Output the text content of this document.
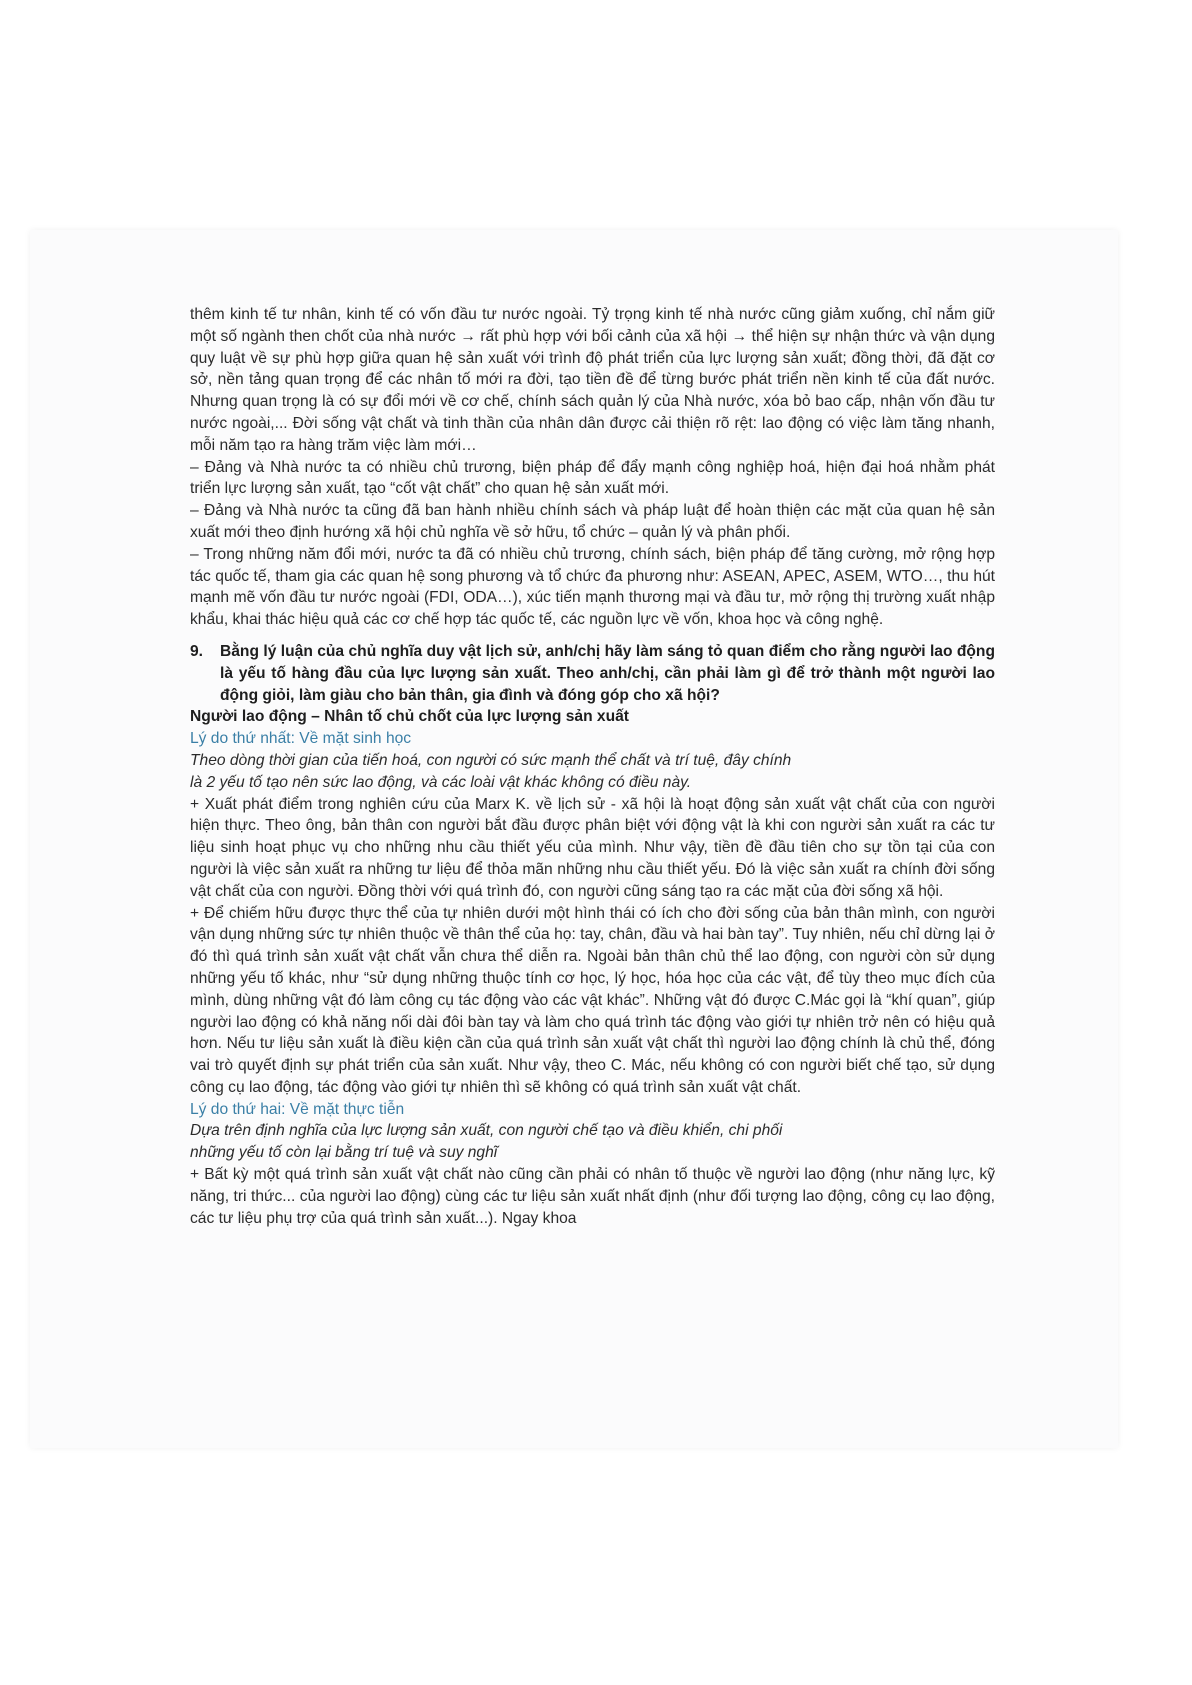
thêm kinh tế tư nhân, kinh tế có vốn đầu tư nước ngoài. Tỷ trọng kinh tế nhà nước cũng giảm xuống, chỉ nắm giữ một số ngành then chốt của nhà nước → rất phù hợp với bối cảnh của xã hội → thể hiện sự nhận thức và vận dụng quy luật về sự phù hợp giữa quan hệ sản xuất với trình độ phát triển của lực lượng sản xuất; đồng thời, đã đặt cơ sở, nền tảng quan trọng để các nhân tố mới ra đời, tạo tiền đề để từng bước phát triển nền kinh tế của đất nước. Nhưng quan trọng là có sự đổi mới về cơ chế, chính sách quản lý của Nhà nước, xóa bỏ bao cấp, nhận vốn đầu tư nước ngoài,... Đời sống vật chất và tinh thần của nhân dân được cải thiện rõ rệt: lao động có việc làm tăng nhanh, mỗi năm tạo ra hàng trăm việc làm mới…

– Đảng và Nhà nước ta có nhiều chủ trương, biện pháp để đẩy mạnh công nghiệp hoá, hiện đại hoá nhằm phát triển lực lượng sản xuất, tạo “cốt vật chất” cho quan hệ sản xuất mới.

– Đảng và Nhà nước ta cũng đã ban hành nhiều chính sách và pháp luật để hoàn thiện các mặt của quan hệ sản xuất mới theo định hướng xã hội chủ nghĩa về sở hữu, tổ chức – quản lý và phân phối.

– Trong những năm đổi mới, nước ta đã có nhiều chủ trương, chính sách, biện pháp để tăng cường, mở rộng hợp tác quốc tế, tham gia các quan hệ song phương và tổ chức đa phương như: ASEAN, APEC, ASEM, WTO…, thu hút mạnh mẽ vốn đầu tư nước ngoài (FDI, ODA…), xúc tiến mạnh thương mại và đầu tư, mở rộng thị trường xuất nhập khẩu, khai thác hiệu quả các cơ chế hợp tác quốc tế, các nguồn lực về vốn, khoa học và công nghệ.

9.	Bằng lý luận của chủ nghĩa duy vật lịch sử, anh/chị hãy làm sáng tỏ quan điểm cho rằng người lao động là yếu tố hàng đầu của lực lượng sản xuất. Theo anh/chị, cần phải làm gì để trở thành một người lao động giỏi, làm giàu cho bản thân, gia đình và đóng góp cho xã hội?

Người lao động – Nhân tố chủ chốt của lực lượng sản xuất

Lý do thứ nhất: Về mặt sinh học

Theo dòng thời gian của tiến hoá, con người có sức mạnh thể chất và trí tuệ, đây chính
là 2 yếu tố tạo nên sức lao động, và các loài vật khác không có điều này.

+ Xuất phát điểm trong nghiên cứu của Marx K. về lịch sử - xã hội là hoạt động sản xuất vật chất của con người hiện thực. Theo ông, bản thân con người bắt đầu được phân biệt với động vật là khi con người sản xuất ra các tư liệu sinh hoạt phục vụ cho những nhu cầu thiết yếu của mình. Như vậy, tiền đề đầu tiên cho sự tồn tại của con người là việc sản xuất ra những tư liệu để thỏa mãn những nhu cầu thiết yếu. Đó là việc sản xuất ra chính đời sống vật chất của con người. Đồng thời với quá trình đó, con người cũng sáng tạo ra các mặt của đời sống xã hội.

+ Để chiếm hữu được thực thể của tự nhiên dưới một hình thái có ích cho đời sống của bản thân mình, con người vận dụng những sức tự nhiên thuộc về thân thể của họ: tay, chân, đầu và hai bàn tay”. Tuy nhiên, nếu chỉ dừng lại ở đó thì quá trình sản xuất vật chất vẫn chưa thể diễn ra. Ngoài bản thân chủ thể lao động, con người còn sử dụng những yếu tố khác, như “sử dụng những thuộc tính cơ học, lý học, hóa học của các vật, để tùy theo mục đích của mình, dùng những vật đó làm công cụ tác động vào các vật khác”. Những vật đó được C.Mác gọi là “khí quan”, giúp người lao động có khả năng nối dài đôi bàn tay và làm cho quá trình tác động vào giới tự nhiên trở nên có hiệu quả hơn. Nếu tư liệu sản xuất là điều kiện cần của quá trình sản xuất vật chất thì người lao động chính là chủ thể, đóng vai trò quyết định sự phát triển của sản xuất. Như vậy, theo C. Mác, nếu không có con người biết chế tạo, sử dụng công cụ lao động, tác động vào giới tự nhiên thì sẽ không có quá trình sản xuất vật chất.

Lý do thứ hai: Về mặt thực tiễn

Dựa trên định nghĩa của lực lượng sản xuất, con người chế tạo và điều khiển, chi phối
những yếu tố còn lại bằng trí tuệ và suy nghĩ

+ Bất kỳ một quá trình sản xuất vật chất nào cũng cần phải có nhân tố thuộc về người lao động (như năng lực, kỹ năng, tri thức... của người lao động) cùng các tư liệu sản xuất nhất định (như đối tượng lao động, công cụ lao động, các tư liệu phụ trợ của quá trình sản xuất...). Ngay khoa
